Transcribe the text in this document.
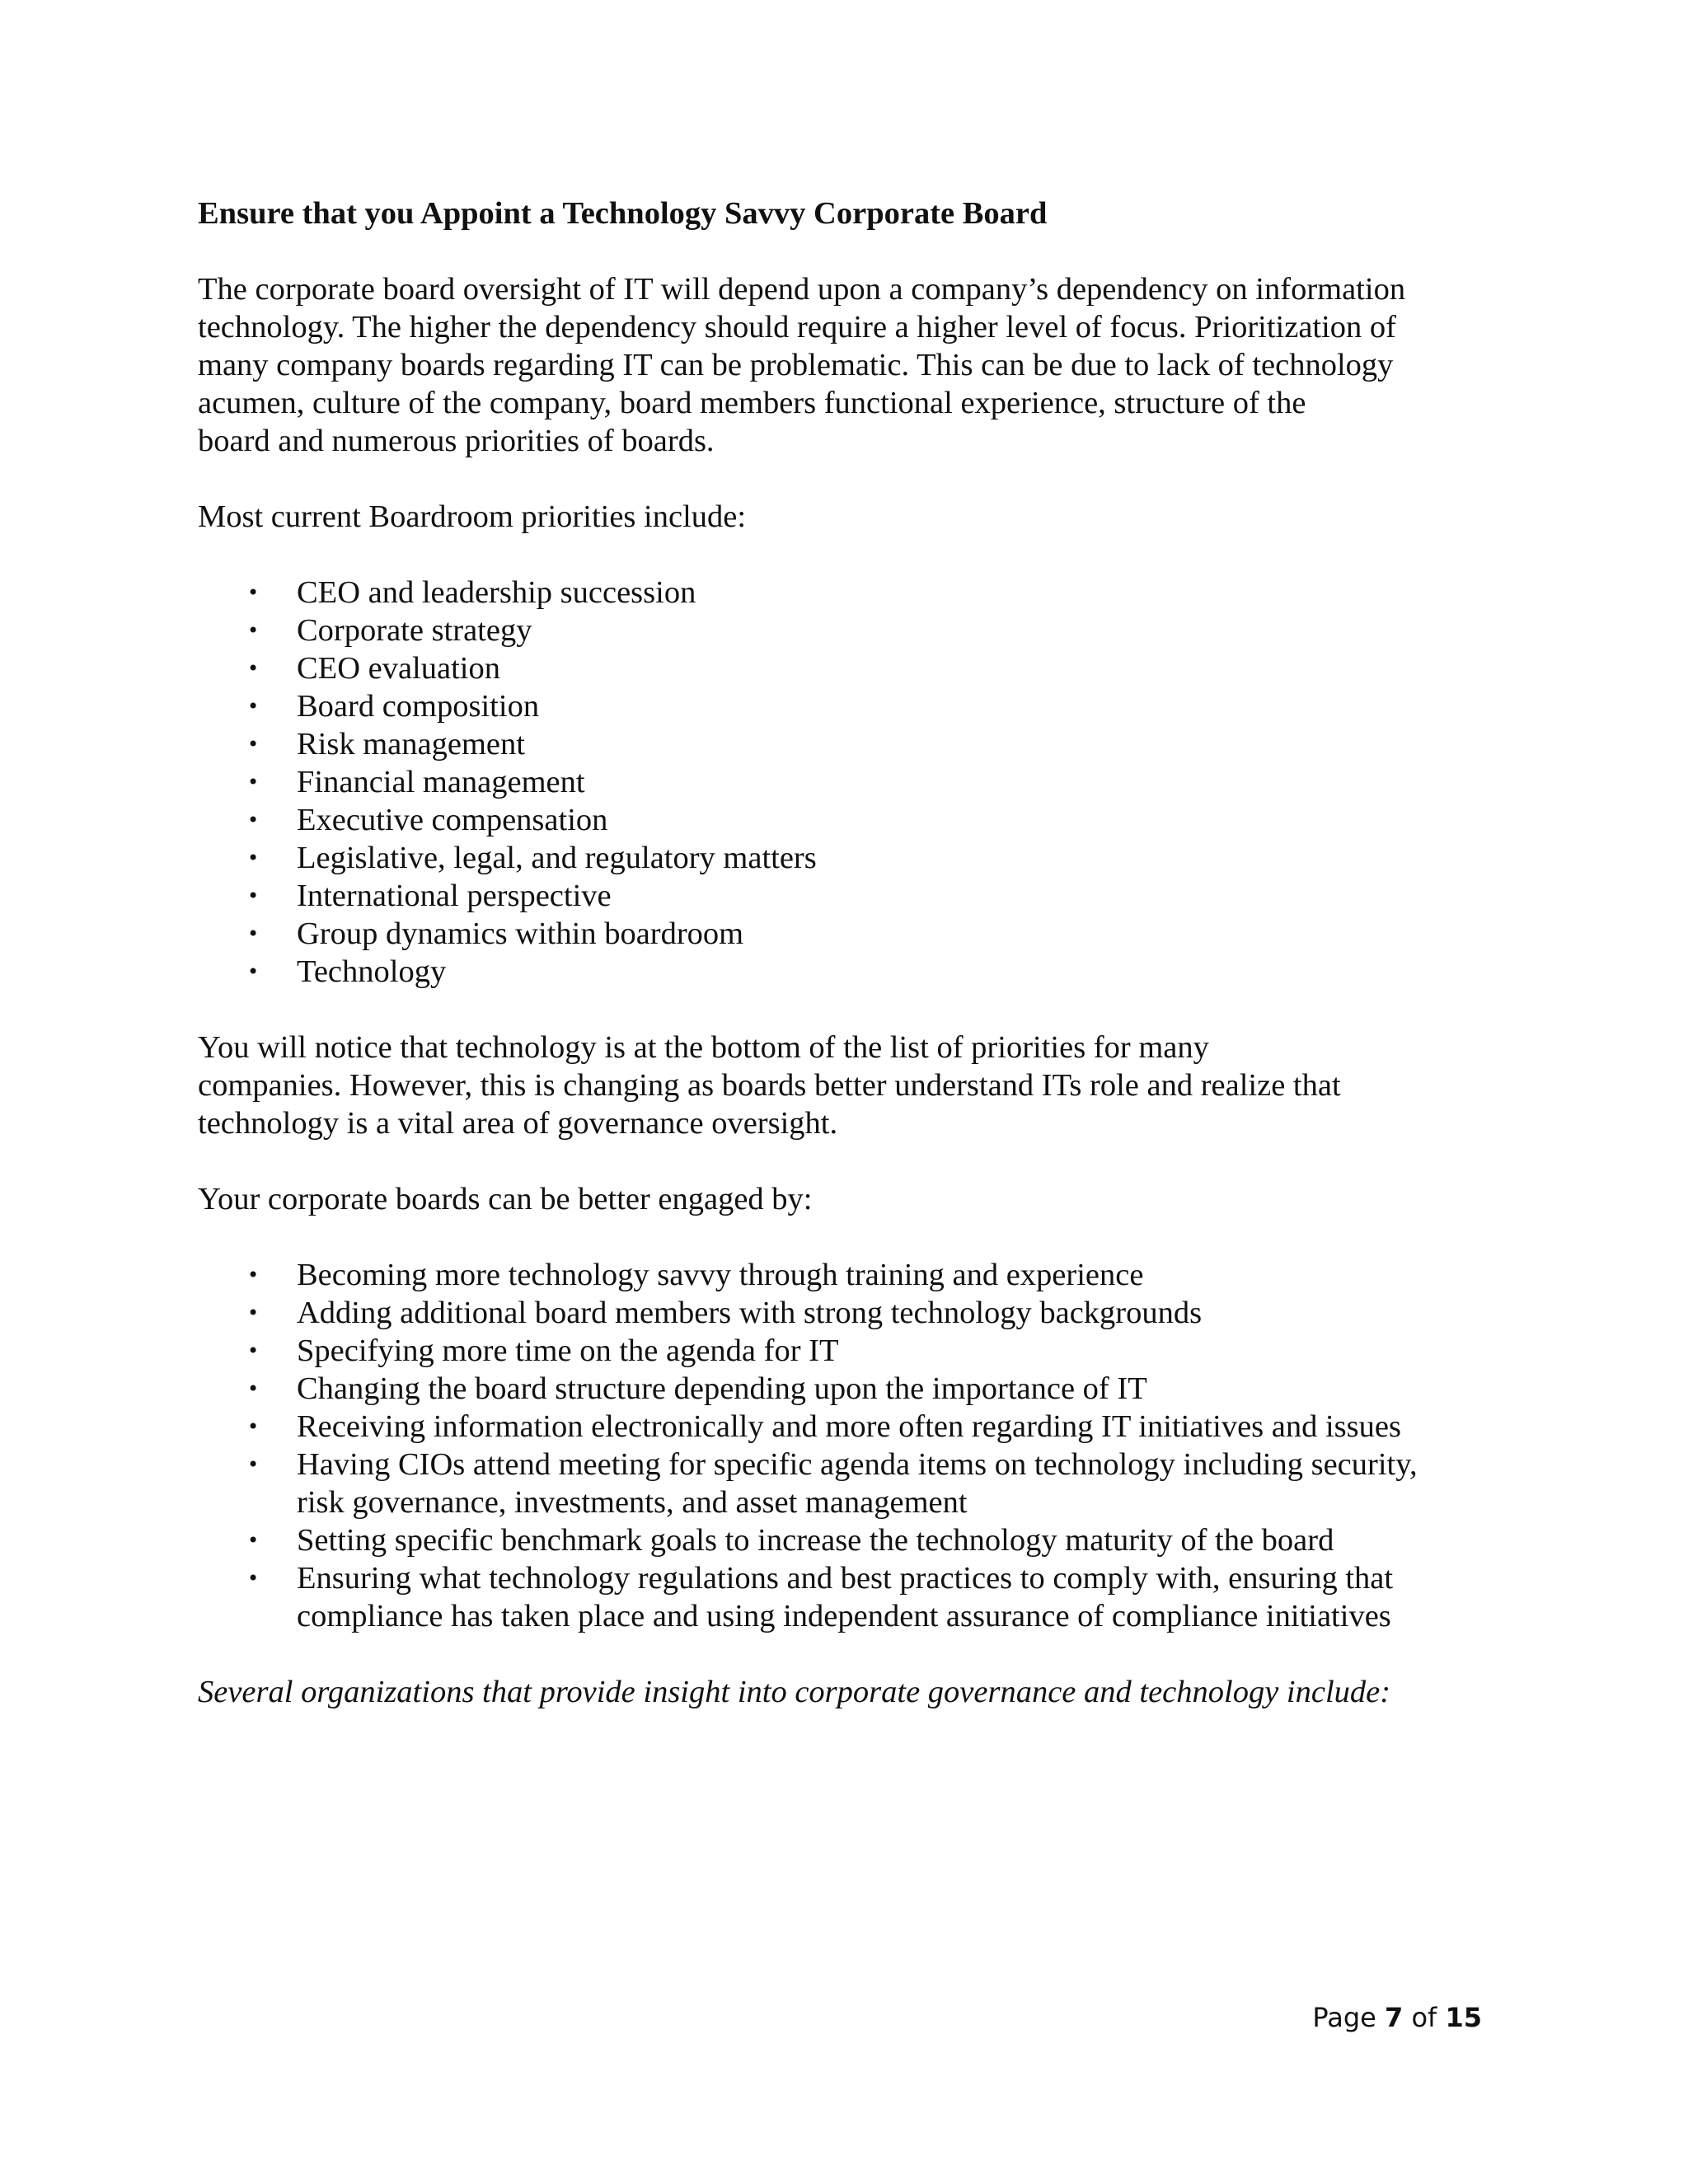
Ensure that you Appoint a Technology Savvy Corporate Board

The corporate board oversight of IT will depend upon a company’s dependency on information
technology. The higher the dependency should require a higher level of focus. Prioritization of
many company boards regarding IT can be problematic. This can be due to lack of technology
acumen, culture of the company, board members functional experience, structure of the
board and numerous priorities of boards.

Most current Boardroom priorities include:

•	CEO and leadership succession
•	Corporate strategy
•	CEO evaluation
•	Board composition
•	Risk management
•	Financial management
•	Executive compensation
•	Legislative, legal, and regulatory matters
•	International perspective
•	Group dynamics within boardroom
•	Technology

You will notice that technology is at the bottom of the list of priorities for many
companies. However, this is changing as boards better understand ITs role and realize that
technology is a vital area of governance oversight.

Your corporate boards can be better engaged by:

•	Becoming more technology savvy through training and experience
•	Adding additional board members with strong technology backgrounds
•	Specifying more time on the agenda for IT
•	Changing the board structure depending upon the importance of IT
•	Receiving information electronically and more often regarding IT initiatives and issues
•	Having CIOs attend meeting for specific agenda items on technology including security,
risk governance, investments, and asset management
•	Setting specific benchmark goals to increase the technology maturity of the board
•	Ensuring what technology regulations and best practices to comply with, ensuring that
compliance has taken place and using independent assurance of compliance initiatives

Several organizations that provide insight into corporate governance and technology include:

Page 7 of 15
